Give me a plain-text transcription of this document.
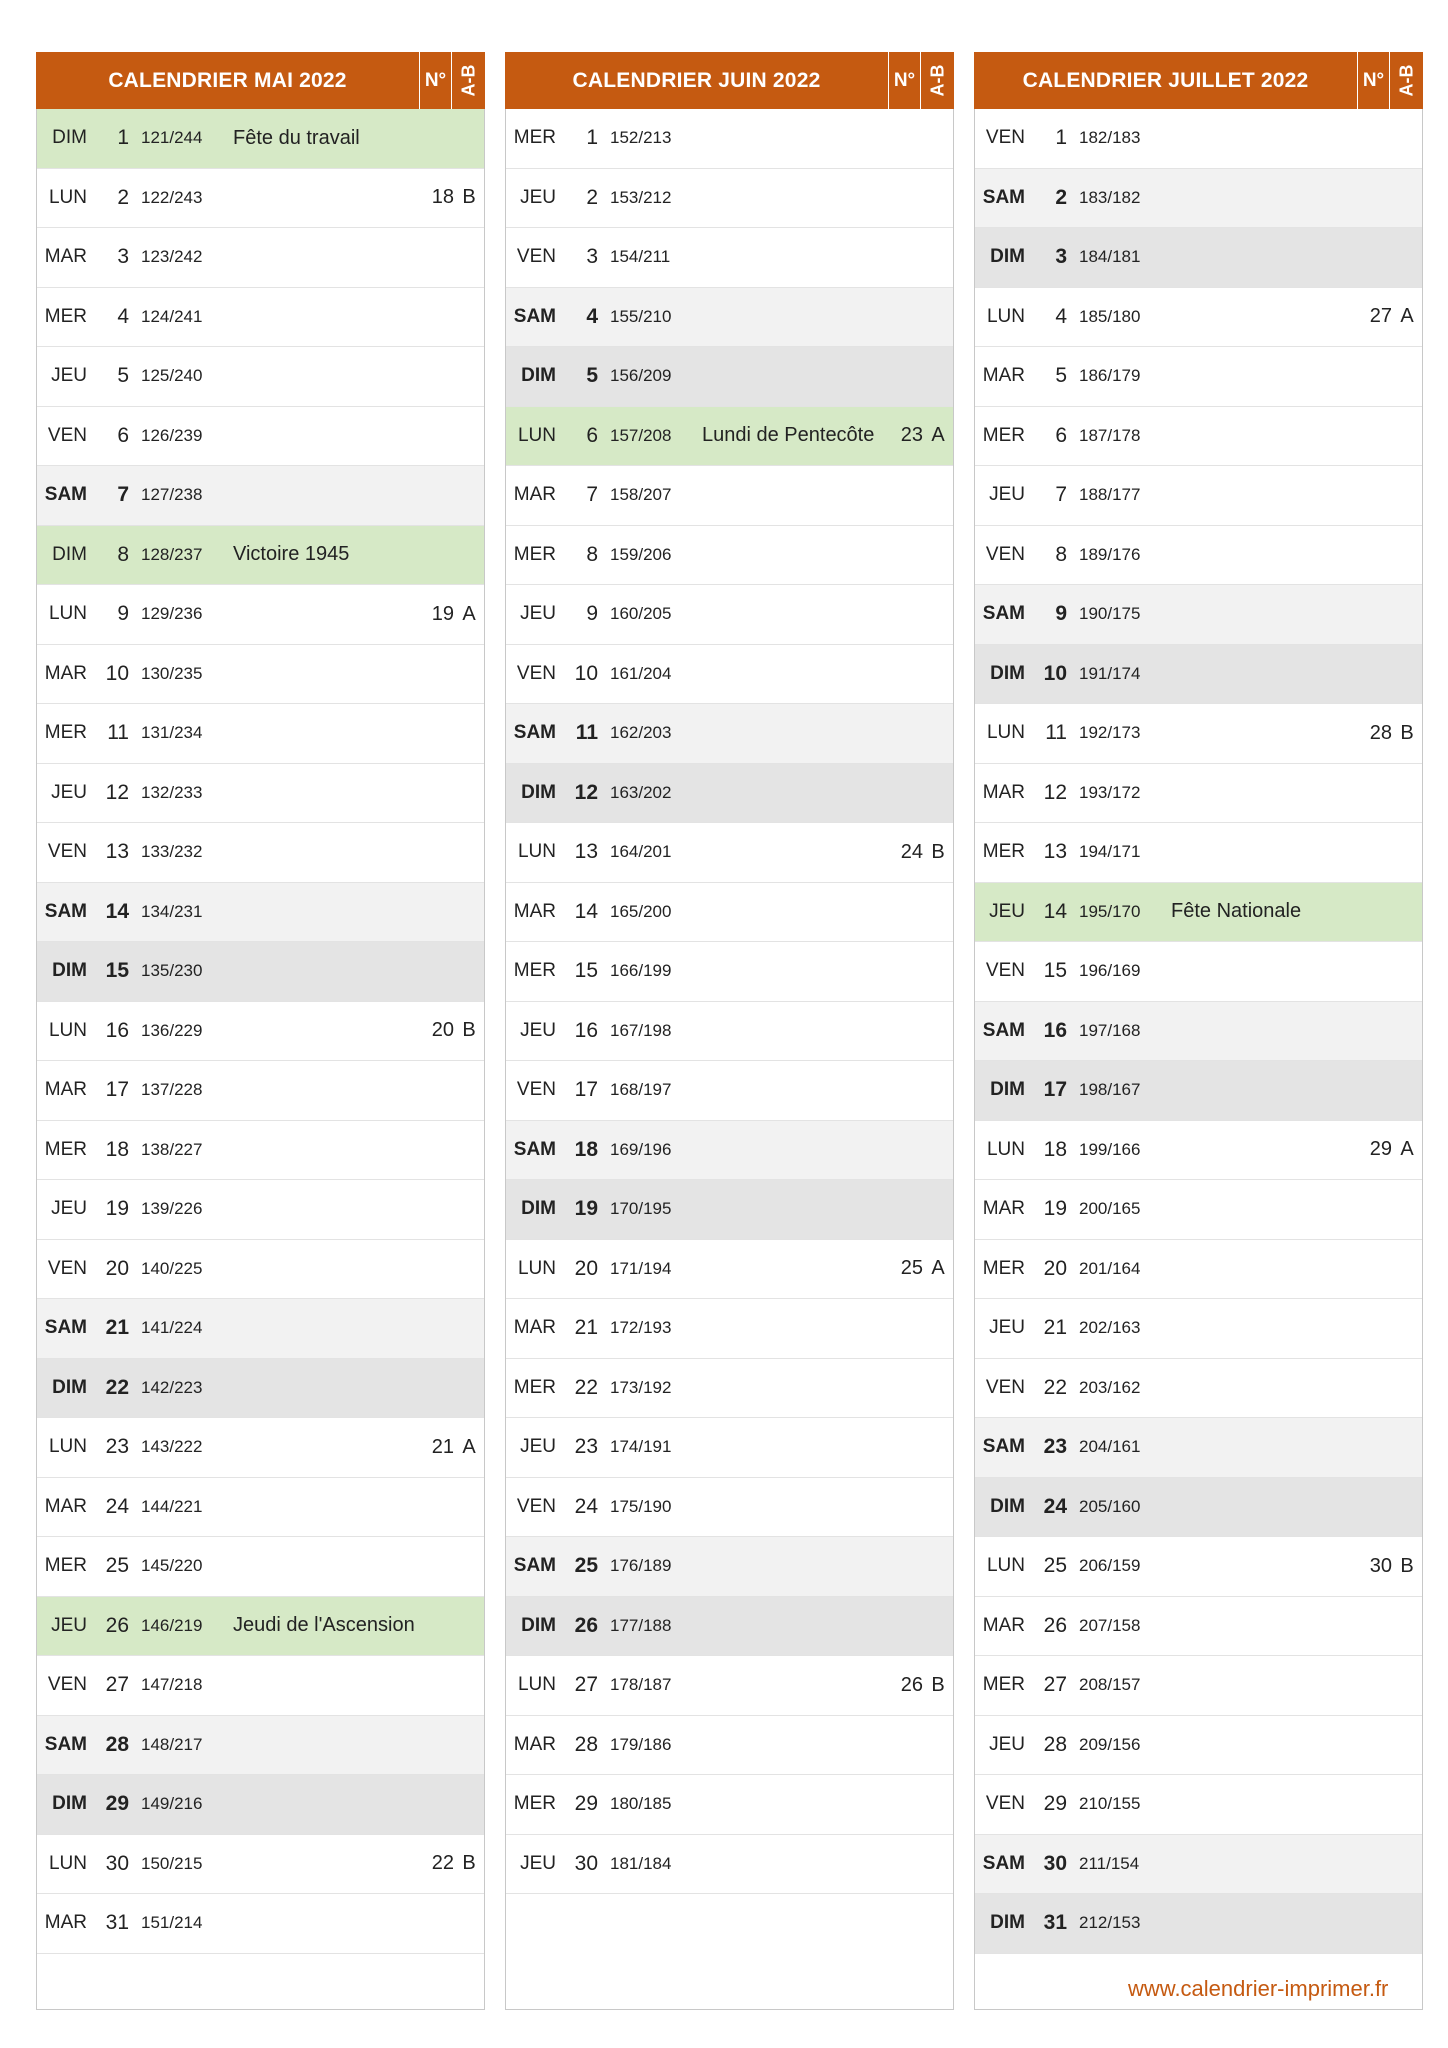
CALENDRIER MAI 2022	N° A-B
DIM	1 121/244	Fête du travail
LUN	2 122/243	18 B
MAR	3 123/242
MER	4 124/241
JEU	5 125/240
VEN	6 126/239
SAM	7 127/238
DIM	8 128/237	Victoire 1945
LUN	9 129/236	19 A
MAR 10 130/235
MER 11 131/234
JEU 12 132/233
VEN 13 133/232
SAM 14 134/231
DIM 15 135/230
LUN 16 136/229	20 B
MAR 17 137/228
MER 18 138/227
JEU 19 139/226
VEN 20 140/225
SAM 21 141/224
DIM 22 142/223
LUN 23 143/222	21 A
MAR 24 144/221
MER 25 145/220
JEU 26 146/219	Jeudi de l'Ascension
VEN 27 147/218
SAM 28 148/217
DIM 29 149/216
LUN 30 150/215	22 B
MAR 31 151/214
CALENDRIER JUIN 2022	N° A-B
MER	1 152/213
JEU	2 153/212
VEN	3 154/211
SAM	4 155/210
DIM	5 156/209
LUN	6 157/208	Lundi de Pentecôte	23 A
MAR	7 158/207
MER	8 159/206
JEU	9 160/205
VEN 10 161/204
SAM 11 162/203
DIM 12 163/202
LUN 13 164/201	24 B
MAR 14 165/200
MER 15 166/199
JEU 16 167/198
VEN 17 168/197
SAM 18 169/196
DIM 19 170/195
LUN 20 171/194	25 A
MAR 21 172/193
MER 22 173/192
JEU 23 174/191
VEN 24 175/190
SAM 25 176/189
DIM 26 177/188
LUN 27 178/187	26 B
MAR 28 179/186
MER 29 180/185
JEU 30 181/184
CALENDRIER JUILLET 2022	N° A-B
VEN	1 182/183
SAM	2 183/182
DIM	3 184/181
LUN	4 185/180	27 A
MAR	5 186/179
MER	6 187/178
JEU	7 188/177
VEN	8 189/176
SAM	9 190/175
DIM 10 191/174
LUN 11 192/173	28 B
MAR 12 193/172
MER 13 194/171
JEU 14 195/170	Fête Nationale
VEN 15 196/169
SAM 16 197/168
DIM 17 198/167
LUN 18 199/166	29 A
MAR 19 200/165
MER 20 201/164
JEU 21 202/163
VEN 22 203/162
SAM 23 204/161
DIM 24 205/160
LUN 25 206/159	30 B
MAR 26 207/158
MER 27 208/157
JEU 28 209/156
VEN 29 210/155
SAM 30 211/154
DIM 31 212/153
www.calendrier-imprimer.fr
